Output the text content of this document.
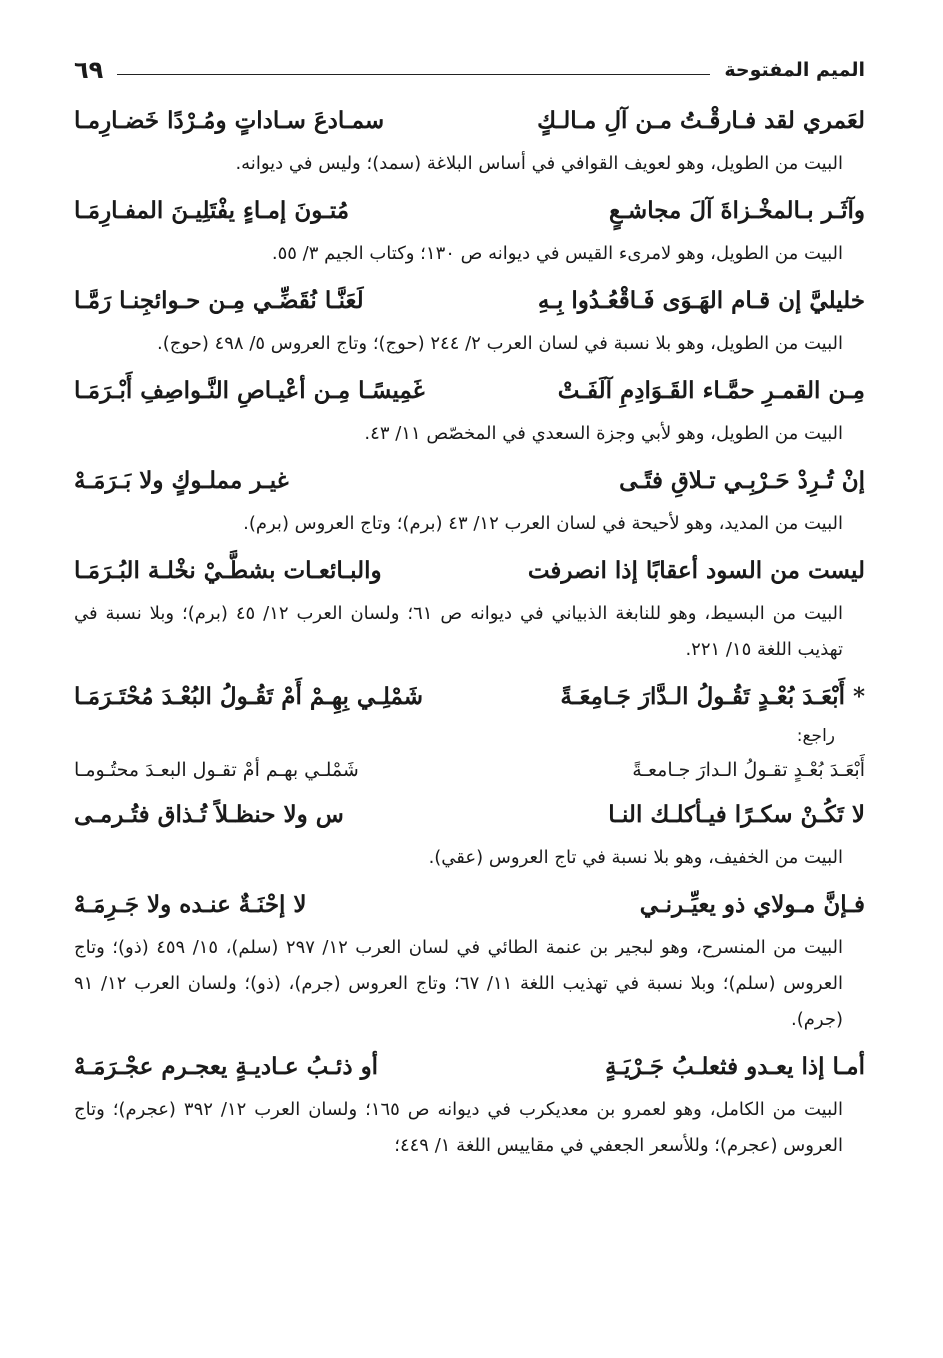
الميم المفتوحة
٦٩
لعَمري لقد فـارقْـتُ مـن آلِ مـالـكٍ
سمـادعَ سـاداتٍ ومُـرْدًا خَضـارِمـا
البيت من الطويل، وهو لعويف القوافي في أساس البلاغة (سمد)؛ وليس في ديوانه.
وآثَـر بـالمخْـزاةَ آلَ مجاشـعٍ
مُتـونَ إمـاءٍ يفْتَلِيـنَ المفـارِمَـا
البيت من الطويل، وهو لامرىء القيس في ديوانه ص ١٣٠؛ وكتاب الجيم ٣/ ٥٥.
خليليَّ إن قـام الهَـوَى فَـاقْعُـدُوا بِـهِ
لَعَنَّـا نُقَضِّـي مِـن حـوائجِنـا رَمَّـا
البيت من الطويل، وهو بلا نسبة في لسان العرب ٢/ ٢٤٤ (حوج)؛ وتاج العروس ٥/ ٤٩٨ (حوج).
مِـن القمـرِ حمَّـاء القَـوَادِمِ آلَفَـتْ
غَمِيسًـا مِـن أعْيـاصِ النَّـواصِفِ أَبْـرَمَـا
البيت من الطويل، وهو لأبي وجزة السعدي في المخصّص ١١/ ٤٣.
إنْ تُـرِدْ حَـرْبِـي تـلاقِ فتًـى
غيـر مملـوكٍ ولا بَـرَمَـهْ
البيت من المديد، وهو لأحيحة في لسان العرب ١٢/ ٤٣ (برم)؛ وتاج العروس (برم).
ليست من السود أعقابًا إذا انصرفت
والبـائعـات بشطَّـيْ نخْلـة البُـرَمَـا
البيت من البسيط، وهو للنابغة الذبياني في ديوانه ص ٦١؛ ولسان العرب ١٢/ ٤٥ (برم)؛ وبلا نسبة في تهذيب اللغة ١٥/ ٢٢١.
* أَبْعَـدَ بُعْـدٍ تَقُـولُ الـدَّارَ جَـامِعَـةً
شَمْلِـي بِهِـمْ أَمْ تَقُـولُ البُعْـدَ مُحْتَـرَمَـا
راجع:
أَبْعَـدَ بُعْـدٍ تقـولُ الـدارَ جـامعـةً
شَمْلـي بهـم أمْ تقـول البعـدَ محتُـومـا
لا تَكُـنْ سكـرًا فيـأكلـك النـا
س ولا حنظـلاً تُـذاق فتُـرمـى
البيت من الخفيف، وهو بلا نسبة في تاج العروس (عقي).
فـإنَّ مـولاي ذو يعيِّـرنـي
لا إحْنَـةٌ عنـده ولا جَـرِمَـهْ
البيت من المنسرح، وهو لبجير بن عنمة الطائي في لسان العرب ١٢/ ٢٩٧ (سلم)، ١٥/ ٤٥٩ (ذو)؛ وتاج العروس (سلم)؛ وبلا نسبة في تهذيب اللغة ١١/ ٦٧؛ وتاج العروس (جرم)، (ذو)؛ ولسان العرب ١٢/ ٩١ (جرم).
أمـا إذا يعـدو فثعلـبُ جَـرْيَـةٍ
أو ذئـبُ عـاديـةٍ يعجـرم عجْـرَمَـهْ
البيت من الكامل، وهو لعمرو بن معديكرب في ديوانه ص ١٦٥؛ ولسان العرب ١٢/ ٣٩٢ (عجرم)؛ وتاج العروس (عجرم)؛ وللأسعر الجعفي في مقاييس اللغة ١/ ٤٤٩؛
